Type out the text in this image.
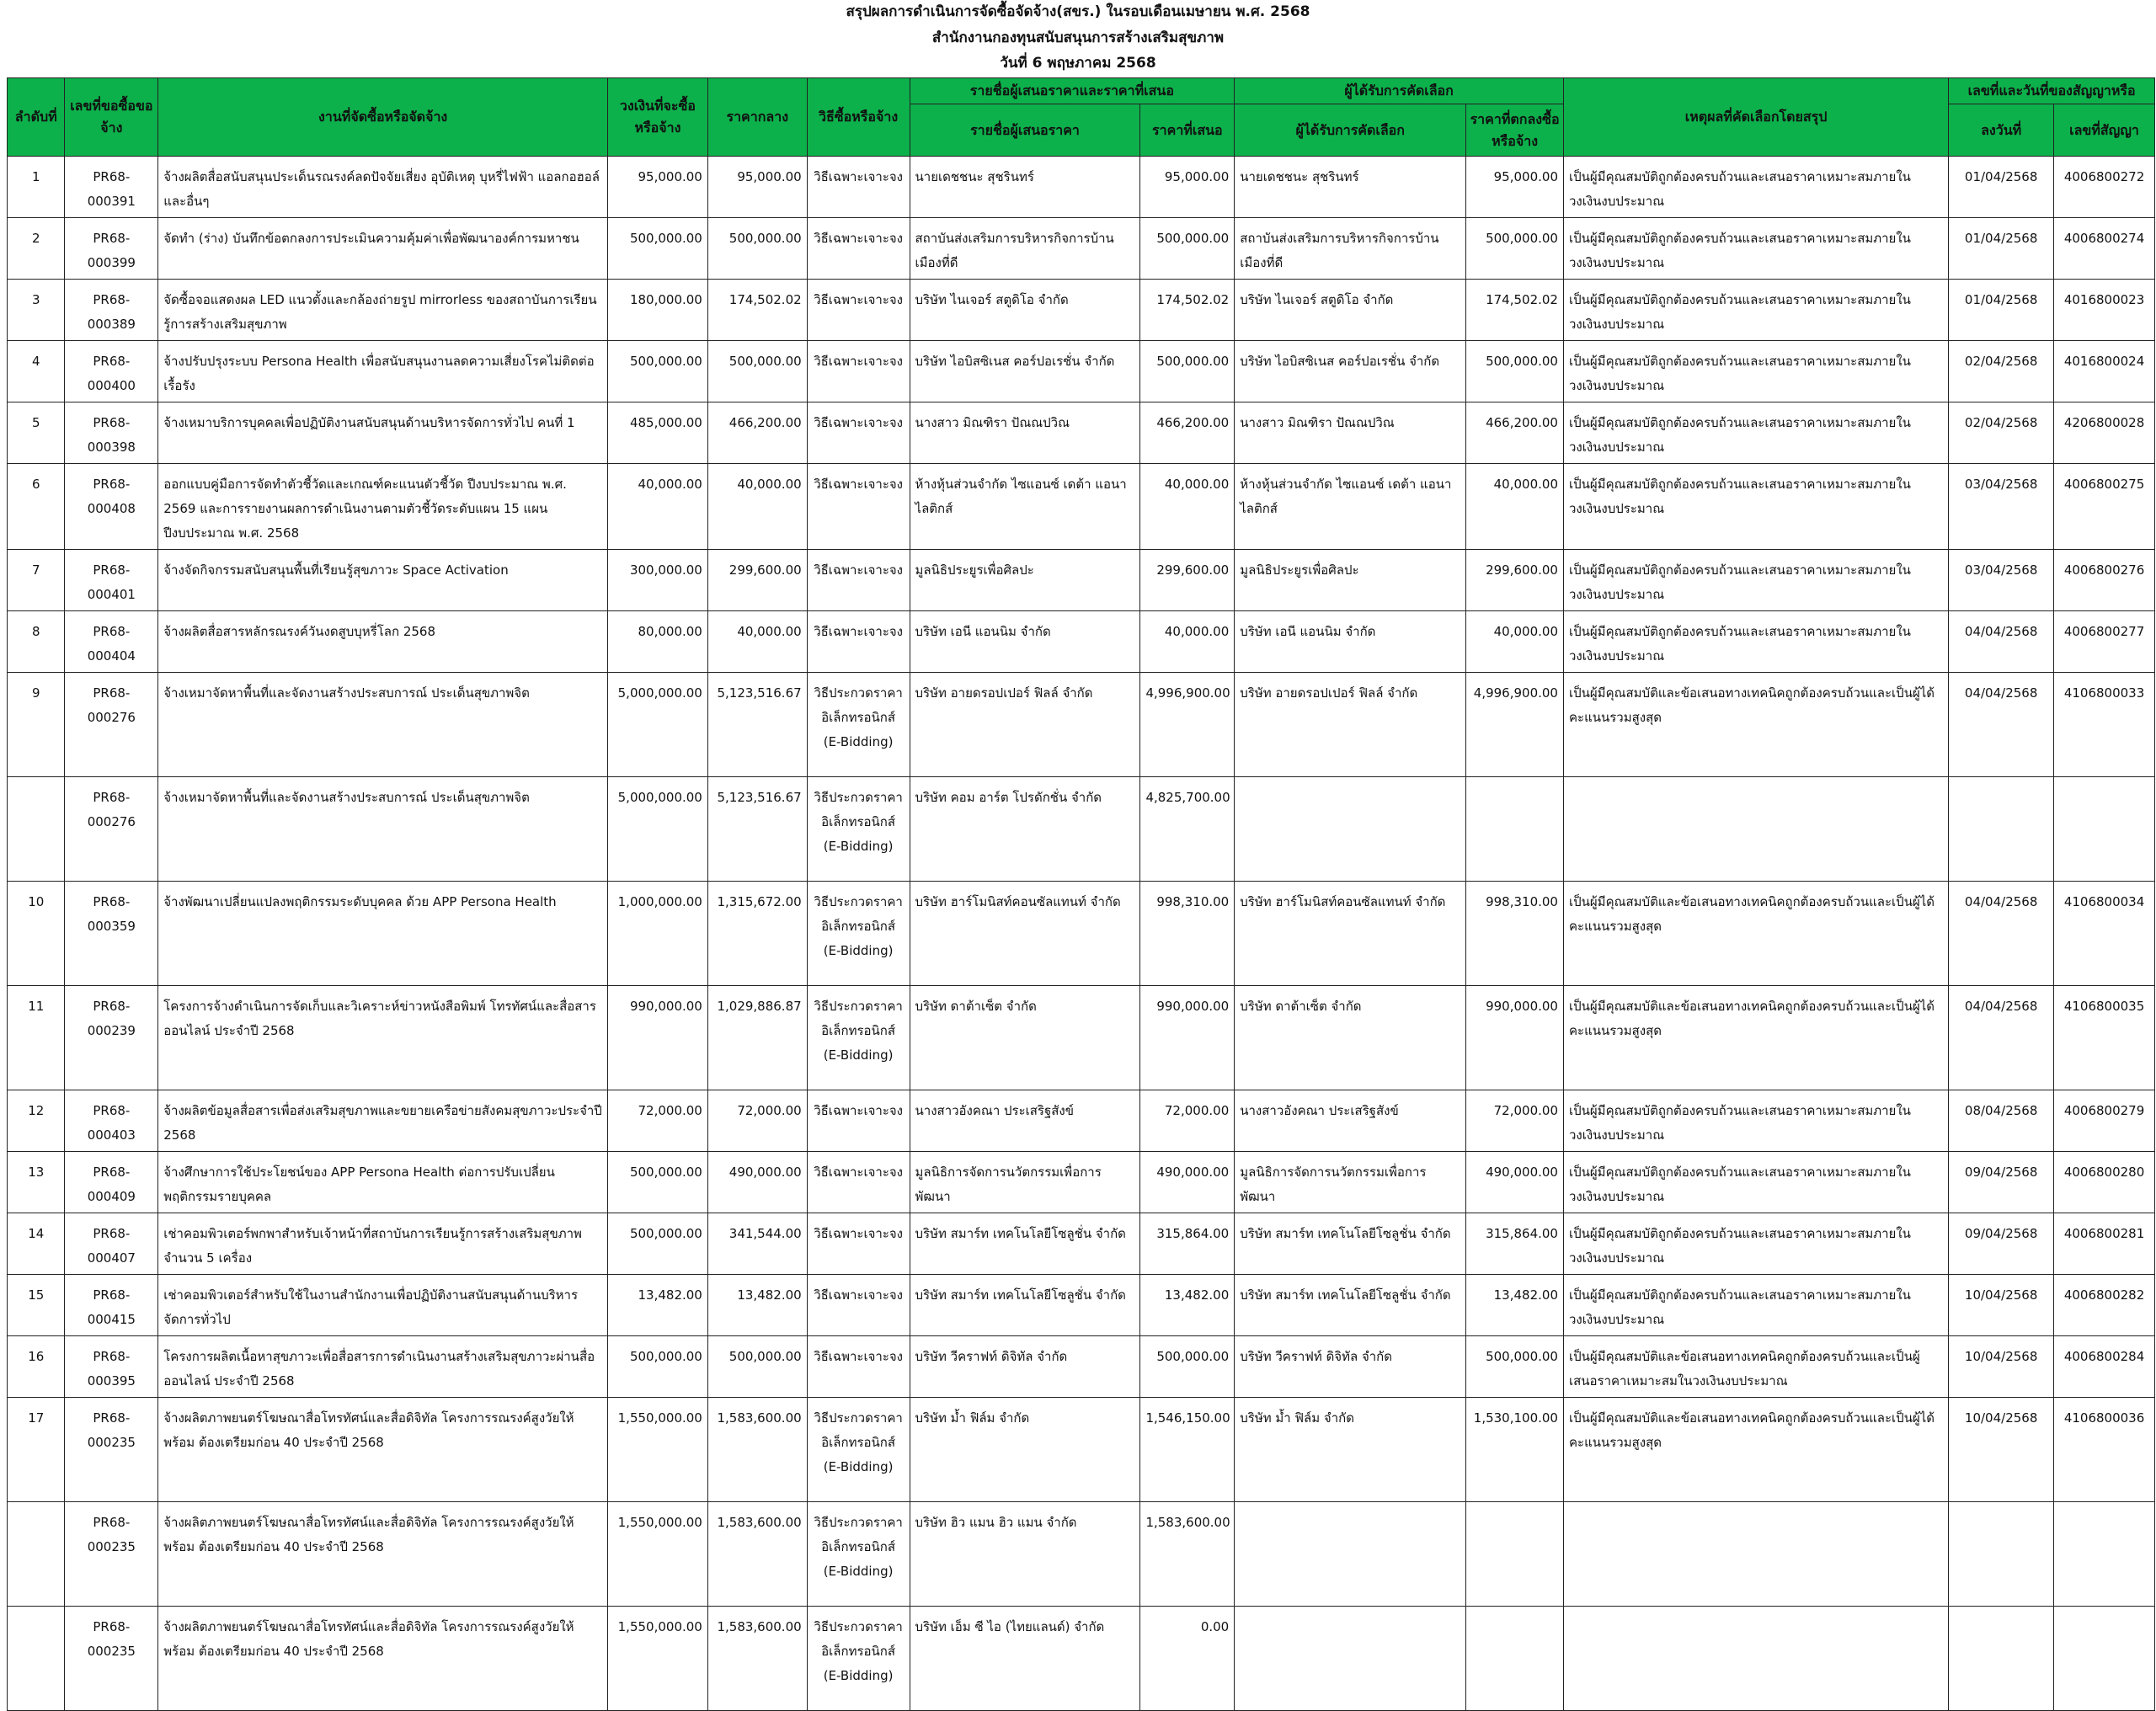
สรุปผลการดำเนินการจัดซื้อจัดจ้าง(สขร.) ในรอบเดือนเมษายน พ.ศ. 2568
สำนักงานกองทุนสนับสนุนการสร้างเสริมสุขภาพ
วันที่ 6 พฤษภาคม 2568
ลำดับที่	เลขที่ขอซื้อขอจ้าง	งานที่จัดซื้อหรือจัดจ้าง	วงเงินที่จะซื้อหรือจ้าง	ราคากลาง	วิธีซื้อหรือจ้าง	รายชื่อผู้เสนอราคาและราคาที่เสนอ		ผู้ได้รับการคัดเลือก		เหตุผลที่คัดเลือกโดยสรุป	เลขที่และวันที่ของสัญญาหรือ	
						รายชื่อผู้เสนอราคา	ราคาที่เสนอ	ผู้ได้รับการคัดเลือก	ราคาที่ตกลงซื้อหรือจ้าง		ลงวันที่	เลขที่สัญญา

1	PR68-000391	จ้างผลิตสื่อสนับสนุนประเด็นรณรงค์ลดปัจจัยเสี่ยง อุบัติเหตุ บุหรี่ไฟฟ้า แอลกอฮอล์และอื่นๆ	95,000.00	95,000.00	วิธีเฉพาะเจาะจง	นายเดชชนะ สุชรินทร์	95,000.00	นายเดชชนะ สุชรินทร์	95,000.00	เป็นผู้มีคุณสมบัติถูกต้องครบถ้วนและเสนอราคาเหมาะสมภายในวงเงินงบประมาณ	01/04/2568	4006800272

2	PR68-000399	จัดทำ (ร่าง) บันทึกข้อตกลงการประเมินความคุ้มค่าเพื่อพัฒนาองค์การมหาชน	500,000.00	500,000.00	วิธีเฉพาะเจาะจง	สถาบันส่งเสริมการบริหารกิจการบ้านเมืองที่ดี	500,000.00	สถาบันส่งเสริมการบริหารกิจการบ้านเมืองที่ดี	500,000.00	เป็นผู้มีคุณสมบัติถูกต้องครบถ้วนและเสนอราคาเหมาะสมภายในวงเงินงบประมาณ	01/04/2568	4006800274

3	PR68-000389	จัดซื้อจอแสดงผล LED แนวตั้งและกล้องถ่ายรูป mirrorless ของสถาบันการเรียนรู้การสร้างเสริมสุขภาพ	180,000.00	174,502.02	วิธีเฉพาะเจาะจง	บริษัท ไนเจอร์ สตูดิโอ จำกัด	174,502.02	บริษัท ไนเจอร์ สตูดิโอ จำกัด	174,502.02	เป็นผู้มีคุณสมบัติถูกต้องครบถ้วนและเสนอราคาเหมาะสมภายในวงเงินงบประมาณ	01/04/2568	4016800023

4	PR68-000400	จ้างปรับปรุงระบบ Persona Health เพื่อสนับสนุนงานลดความเสี่ยงโรคไม่ติดต่อเรื้อรัง	500,000.00	500,000.00	วิธีเฉพาะเจาะจง	บริษัท ไอบิสซิเนส คอร์ปอเรชั่น จำกัด	500,000.00	บริษัท ไอบิสซิเนส คอร์ปอเรชั่น จำกัด	500,000.00	เป็นผู้มีคุณสมบัติถูกต้องครบถ้วนและเสนอราคาเหมาะสมภายในวงเงินงบประมาณ	02/04/2568	4016800024

5	PR68-000398	จ้างเหมาบริการบุคคลเพื่อปฏิบัติงานสนับสนุนด้านบริหารจัดการทั่วไป คนที่ 1	485,000.00	466,200.00	วิธีเฉพาะเจาะจง	นางสาว มิณฑิรา ปัณณปวิณ	466,200.00	นางสาว มิณฑิรา ปัณณปวิณ	466,200.00	เป็นผู้มีคุณสมบัติถูกต้องครบถ้วนและเสนอราคาเหมาะสมภายในวงเงินงบประมาณ	02/04/2568	4206800028

6	PR68-000408	ออกแบบคู่มือการจัดทำตัวชี้วัดและเกณฑ์คะแนนตัวชี้วัด ปีงบประมาณ พ.ศ. 2569 และการรายงานผลการดำเนินงานตามตัวชี้วัดระดับแผน 15 แผน ปีงบประมาณ พ.ศ. 2568	40,000.00	40,000.00	วิธีเฉพาะเจาะจง	ห้างหุ้นส่วนจำกัด ไซแอนซ์ เดต้า แอนาไลติกส์	40,000.00	ห้างหุ้นส่วนจำกัด ไซแอนซ์ เดต้า แอนาไลติกส์	40,000.00	เป็นผู้มีคุณสมบัติถูกต้องครบถ้วนและเสนอราคาเหมาะสมภายในวงเงินงบประมาณ	03/04/2568	4006800275

7	PR68-000401	จ้างจัดกิจกรรมสนับสนุนพื้นที่เรียนรู้สุขภาวะ Space Activation	300,000.00	299,600.00	วิธีเฉพาะเจาะจง	มูลนิธิประยูรเพื่อศิลปะ	299,600.00	มูลนิธิประยูรเพื่อศิลปะ	299,600.00	เป็นผู้มีคุณสมบัติถูกต้องครบถ้วนและเสนอราคาเหมาะสมภายในวงเงินงบประมาณ	03/04/2568	4006800276

8	PR68-000404	จ้างผลิตสื่อสารหลักรณรงค์วันงดสูบบุหรี่โลก 2568	80,000.00	40,000.00	วิธีเฉพาะเจาะจง	บริษัท เอนี แอนนิม จำกัด	40,000.00	บริษัท เอนี แอนนิม จำกัด	40,000.00	เป็นผู้มีคุณสมบัติถูกต้องครบถ้วนและเสนอราคาเหมาะสมภายในวงเงินงบประมาณ	04/04/2568	4006800277

9	PR68-000276	จ้างเหมาจัดหาพื้นที่และจัดงานสร้างประสบการณ์ ประเด็นสุขภาพจิต	5,000,000.00	5,123,516.67	วิธีประกวดราคาอิเล็กทรอนิกส์ (E-Bidding)	บริษัท อายดรอปเปอร์ ฟิลล์ จำกัด	4,996,900.00	บริษัท อายดรอปเปอร์ ฟิลล์ จำกัด	4,996,900.00	เป็นผู้มีคุณสมบัติและข้อเสนอทางเทคนิคถูกต้องครบถ้วนและเป็นผู้ได้คะแนนรวมสูงสุด	04/04/2568	4106800033

	PR68-000276	จ้างเหมาจัดหาพื้นที่และจัดงานสร้างประสบการณ์ ประเด็นสุขภาพจิต	5,000,000.00	5,123,516.67	วิธีประกวดราคาอิเล็กทรอนิกส์ (E-Bidding)	บริษัท คอม อาร์ต โปรดักชั่น จำกัด	4,825,700.00					

10	PR68-000359	จ้างพัฒนาเปลี่ยนแปลงพฤติกรรมระดับบุคคล ด้วย APP Persona Health	1,000,000.00	1,315,672.00	วิธีประกวดราคาอิเล็กทรอนิกส์ (E-Bidding)	บริษัท ฮาร์โมนิสท์คอนซัลแทนท์ จำกัด	998,310.00	บริษัท ฮาร์โมนิสท์คอนซัลแทนท์ จำกัด	998,310.00	เป็นผู้มีคุณสมบัติและข้อเสนอทางเทคนิคถูกต้องครบถ้วนและเป็นผู้ได้คะแนนรวมสูงสุด	04/04/2568	4106800034

11	PR68-000239	โครงการจ้างดำเนินการจัดเก็บและวิเคราะห์ข่าวหนังสือพิมพ์ โทรทัศน์และสื่อสารออนไลน์ ประจำปี 2568	990,000.00	1,029,886.87	วิธีประกวดราคาอิเล็กทรอนิกส์ (E-Bidding)	บริษัท ดาต้าเซ็ต จำกัด	990,000.00	บริษัท ดาต้าเซ็ต จำกัด	990,000.00	เป็นผู้มีคุณสมบัติและข้อเสนอทางเทคนิคถูกต้องครบถ้วนและเป็นผู้ได้คะแนนรวมสูงสุด	04/04/2568	4106800035

12	PR68-000403	จ้างผลิตข้อมูลสื่อสารเพื่อส่งเสริมสุขภาพและขยายเครือข่ายสังคมสุขภาวะประจำปี 2568	72,000.00	72,000.00	วิธีเฉพาะเจาะจง	นางสาวอังคณา ประเสริฐสังข์	72,000.00	นางสาวอังคณา ประเสริฐสังข์	72,000.00	เป็นผู้มีคุณสมบัติถูกต้องครบถ้วนและเสนอราคาเหมาะสมภายในวงเงินงบประมาณ	08/04/2568	4006800279

13	PR68-000409	จ้างศึกษาการใช้ประโยชน์ของ APP Persona Health ต่อการปรับเปลี่ยนพฤติกรรมรายบุคคล	500,000.00	490,000.00	วิธีเฉพาะเจาะจง	มูลนิธิการจัดการนวัตกรรมเพื่อการพัฒนา	490,000.00	มูลนิธิการจัดการนวัตกรรมเพื่อการพัฒนา	490,000.00	เป็นผู้มีคุณสมบัติถูกต้องครบถ้วนและเสนอราคาเหมาะสมภายในวงเงินงบประมาณ	09/04/2568	4006800280

14	PR68-000407	เช่าคอมพิวเตอร์พกพาสำหรับเจ้าหน้าที่สถาบันการเรียนรู้การสร้างเสริมสุขภาพ จำนวน 5 เครื่อง	500,000.00	341,544.00	วิธีเฉพาะเจาะจง	บริษัท สมาร์ท เทคโนโลยีโซลูชั่น จำกัด	315,864.00	บริษัท สมาร์ท เทคโนโลยีโซลูชั่น จำกัด	315,864.00	เป็นผู้มีคุณสมบัติถูกต้องครบถ้วนและเสนอราคาเหมาะสมภายในวงเงินงบประมาณ	09/04/2568	4006800281

15	PR68-000415	เช่าคอมพิวเตอร์สำหรับใช้ในงานสำนักงานเพื่อปฏิบัติงานสนับสนุนด้านบริหารจัดการทั่วไป	13,482.00	13,482.00	วิธีเฉพาะเจาะจง	บริษัท สมาร์ท เทคโนโลยีโซลูชั่น จำกัด	13,482.00	บริษัท สมาร์ท เทคโนโลยีโซลูชั่น จำกัด	13,482.00	เป็นผู้มีคุณสมบัติถูกต้องครบถ้วนและเสนอราคาเหมาะสมภายในวงเงินงบประมาณ	10/04/2568	4006800282

16	PR68-000395	โครงการผลิตเนื้อหาสุขภาวะเพื่อสื่อสารการดำเนินงานสร้างเสริมสุขภาวะผ่านสื่อออนไลน์ ประจำปี 2568	500,000.00	500,000.00	วิธีเฉพาะเจาะจง	บริษัท วีคราฟท์ ดิจิทัล จำกัด	500,000.00	บริษัท วีคราฟท์ ดิจิทัล จำกัด	500,000.00	เป็นผู้มีคุณสมบัติและข้อเสนอทางเทคนิคถูกต้องครบถ้วนและเป็นผู้เสนอราคาเหมาะสมในวงเงินงบประมาณ	10/04/2568	4006800284

17	PR68-000235	จ้างผลิตภาพยนตร์โฆษณาสื่อโทรทัศน์และสื่อดิจิทัล โครงการรณรงค์สูงวัยให้พร้อม ต้องเตรียมก่อน 40 ประจำปี 2568	1,550,000.00	1,583,600.00	วิธีประกวดราคาอิเล็กทรอนิกส์ (E-Bidding)	บริษัท ม้ำ ฟิล์ม จำกัด	1,546,150.00	บริษัท ม้ำ ฟิล์ม จำกัด	1,530,100.00	เป็นผู้มีคุณสมบัติและข้อเสนอทางเทคนิคถูกต้องครบถ้วนและเป็นผู้ได้คะแนนรวมสูงสุด	10/04/2568	4106800036

	PR68-000235	จ้างผลิตภาพยนตร์โฆษณาสื่อโทรทัศน์และสื่อดิจิทัล โครงการรณรงค์สูงวัยให้พร้อม ต้องเตรียมก่อน 40 ประจำปี 2568	1,550,000.00	1,583,600.00	วิธีประกวดราคาอิเล็กทรอนิกส์ (E-Bidding)	บริษัท ฮิว แมน ฮิว แมน จำกัด	1,583,600.00					

	PR68-000235	จ้างผลิตภาพยนตร์โฆษณาสื่อโทรทัศน์และสื่อดิจิทัล โครงการรณรงค์สูงวัยให้พร้อม ต้องเตรียมก่อน 40 ประจำปี 2568	1,550,000.00	1,583,600.00	วิธีประกวดราคาอิเล็กทรอนิกส์ (E-Bidding)	บริษัท เอ็ม ซี ไอ (ไทยแลนด์) จำกัด	0.00					
